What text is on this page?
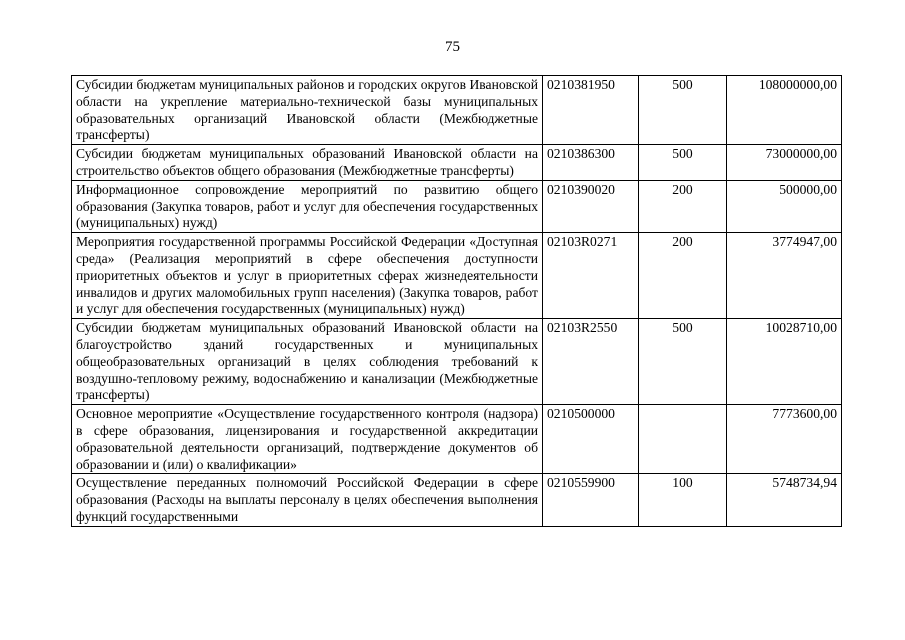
75
Субсидии бюджетам муниципальных районов и городских округов Ивановской области на укрепление материально-технической базы муниципальных образовательных организаций Ивановской области (Межбюджетные трансферты)	0210381950	500	108000000,00
Субсидии бюджетам муниципальных образований Ивановской области на строительство объектов общего образования (Межбюджетные трансферты)	0210386300	500	73000000,00
Информационное сопровождение мероприятий по развитию общего образования (Закупка товаров, работ и услуг для обеспечения государственных (муниципальных) нужд)	0210390020	200	500000,00
Мероприятия государственной программы Российской Федерации «Доступная среда» (Реализация мероприятий в сфере обеспечения доступности приоритетных объектов и услуг в приоритетных сферах жизнедеятельности инвалидов и других маломобильных групп населения) (Закупка товаров, работ и услуг для обеспечения государственных (муниципальных) нужд)	02103R0271	200	3774947,00
Субсидии бюджетам муниципальных образований Ивановской области на благоустройство зданий государственных и муниципальных общеобразовательных организаций в целях соблюдения требований к воздушно-тепловому режиму, водоснабжению и канализации (Межбюджетные трансферты)	02103R2550	500	10028710,00
Основное мероприятие «Осуществление государственного контроля (надзора) в сфере образования, лицензирования и государственной аккредитации образовательной деятельности организаций, подтверждение документов об образовании и (или) о квалификации»	0210500000		7773600,00
Осуществление переданных полномочий Российской Федерации в сфере образования (Расходы на выплаты персоналу в целях обеспечения выполнения функций государственными	0210559900	100	5748734,94
